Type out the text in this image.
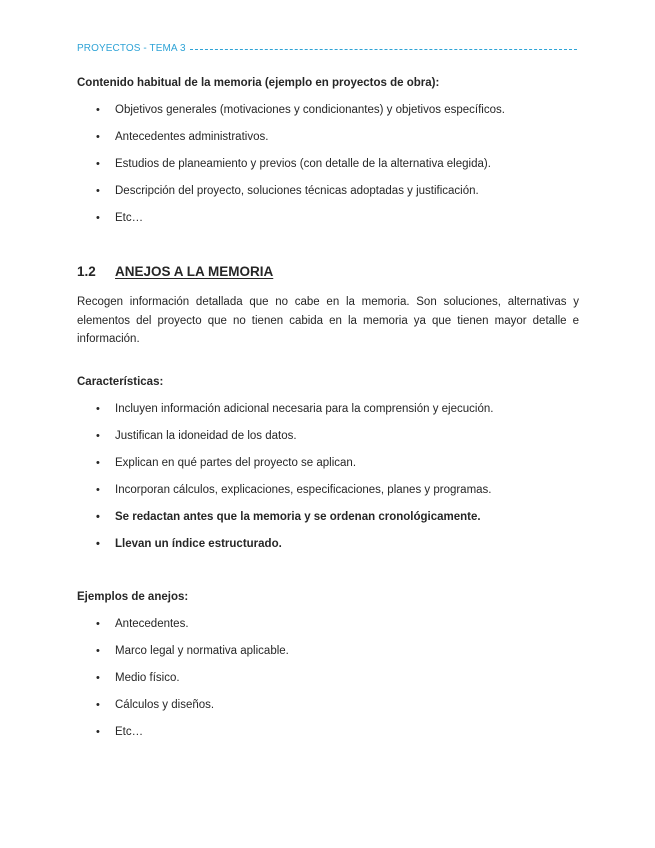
PROYECTOS - TEMA 3
Contenido habitual de la memoria (ejemplo en proyectos de obra):
• Objetivos generales (motivaciones y condicionantes) y objetivos específicos.
• Antecedentes administrativos.
• Estudios de planeamiento y previos (con detalle de la alternativa elegida).
• Descripción del proyecto, soluciones técnicas adoptadas y justificación.
• Etc…
1.2	ANEJOS A LA MEMORIA
Recogen información detallada que no cabe en la memoria. Son soluciones, alternativas y elementos del proyecto que no tienen cabida en la memoria ya que tienen mayor detalle e información.
Características:
• Incluyen información adicional necesaria para la comprensión y ejecución.
• Justifican la idoneidad de los datos.
• Explican en qué partes del proyecto se aplican.
• Incorporan cálculos, explicaciones, especificaciones, planes y programas.
• Se redactan antes que la memoria y se ordenan cronológicamente.
• Llevan un índice estructurado.
Ejemplos de anejos:
• Antecedentes.
• Marco legal y normativa aplicable.
• Medio físico.
• Cálculos y diseños.
• Etc…
